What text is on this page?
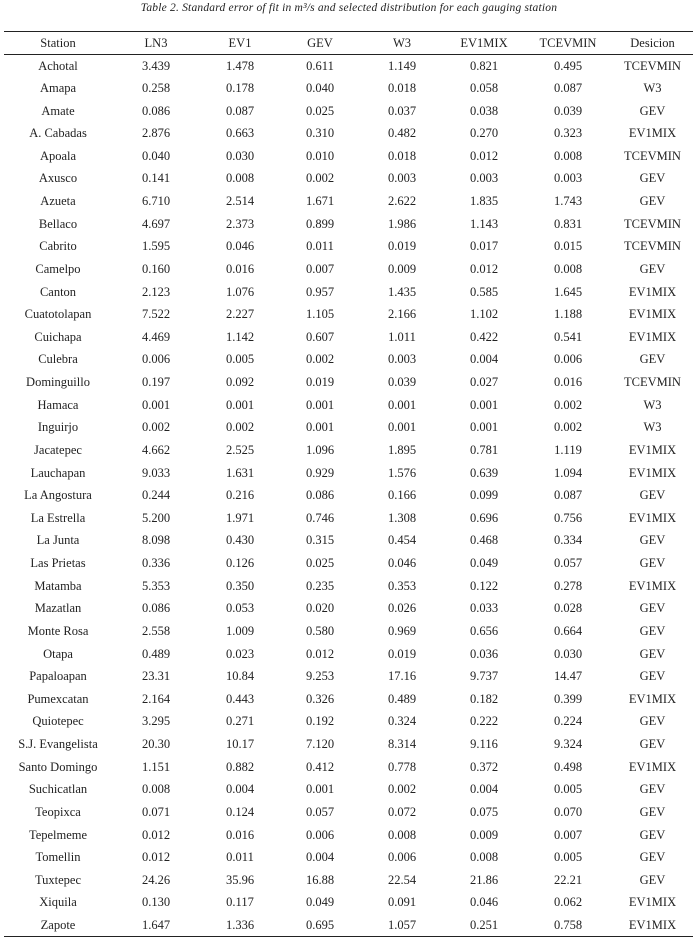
Table 2. Standard error of fit in m³/s and selected distribution for each gauging station
Station	LN3	EV1	GEV	W3	EV1MIX	TCEVMIN	Desicion
Achotal	3.439	1.478	0.611	1.149	0.821	0.495	TCEVMIN
Amapa	0.258	0.178	0.040	0.018	0.058	0.087	W3
Amate	0.086	0.087	0.025	0.037	0.038	0.039	GEV
A. Cabadas	2.876	0.663	0.310	0.482	0.270	0.323	EV1MIX
Apoala	0.040	0.030	0.010	0.018	0.012	0.008	TCEVMIN
Axusco	0.141	0.008	0.002	0.003	0.003	0.003	GEV
Azueta	6.710	2.514	1.671	2.622	1.835	1.743	GEV
Bellaco	4.697	2.373	0.899	1.986	1.143	0.831	TCEVMIN
Cabrito	1.595	0.046	0.011	0.019	0.017	0.015	TCEVMIN
Camelpo	0.160	0.016	0.007	0.009	0.012	0.008	GEV
Canton	2.123	1.076	0.957	1.435	0.585	1.645	EV1MIX
Cuatotolapan	7.522	2.227	1.105	2.166	1.102	1.188	EV1MIX
Cuichapa	4.469	1.142	0.607	1.011	0.422	0.541	EV1MIX
Culebra	0.006	0.005	0.002	0.003	0.004	0.006	GEV
Dominguillo	0.197	0.092	0.019	0.039	0.027	0.016	TCEVMIN
Hamaca	0.001	0.001	0.001	0.001	0.001	0.002	W3
Inguirjo	0.002	0.002	0.001	0.001	0.001	0.002	W3
Jacatepec	4.662	2.525	1.096	1.895	0.781	1.119	EV1MIX
Lauchapan	9.033	1.631	0.929	1.576	0.639	1.094	EV1MIX
La Angostura	0.244	0.216	0.086	0.166	0.099	0.087	GEV
La Estrella	5.200	1.971	0.746	1.308	0.696	0.756	EV1MIX
La Junta	8.098	0.430	0.315	0.454	0.468	0.334	GEV
Las Prietas	0.336	0.126	0.025	0.046	0.049	0.057	GEV
Matamba	5.353	0.350	0.235	0.353	0.122	0.278	EV1MIX
Mazatlan	0.086	0.053	0.020	0.026	0.033	0.028	GEV
Monte Rosa	2.558	1.009	0.580	0.969	0.656	0.664	GEV
Otapa	0.489	0.023	0.012	0.019	0.036	0.030	GEV
Papaloapan	23.31	10.84	9.253	17.16	9.737	14.47	GEV
Pumexcatan	2.164	0.443	0.326	0.489	0.182	0.399	EV1MIX
Quiotepec	3.295	0.271	0.192	0.324	0.222	0.224	GEV
S.J. Evangelista	20.30	10.17	7.120	8.314	9.116	9.324	GEV
Santo Domingo	1.151	0.882	0.412	0.778	0.372	0.498	EV1MIX
Suchicatlan	0.008	0.004	0.001	0.002	0.004	0.005	GEV
Teopixca	0.071	0.124	0.057	0.072	0.075	0.070	GEV
Tepelmeme	0.012	0.016	0.006	0.008	0.009	0.007	GEV
Tomellin	0.012	0.011	0.004	0.006	0.008	0.005	GEV
Tuxtepec	24.26	35.96	16.88	22.54	21.86	22.21	GEV
Xiquila	0.130	0.117	0.049	0.091	0.046	0.062	EV1MIX
Zapote	1.647	1.336	0.695	1.057	0.251	0.758	EV1MIX
